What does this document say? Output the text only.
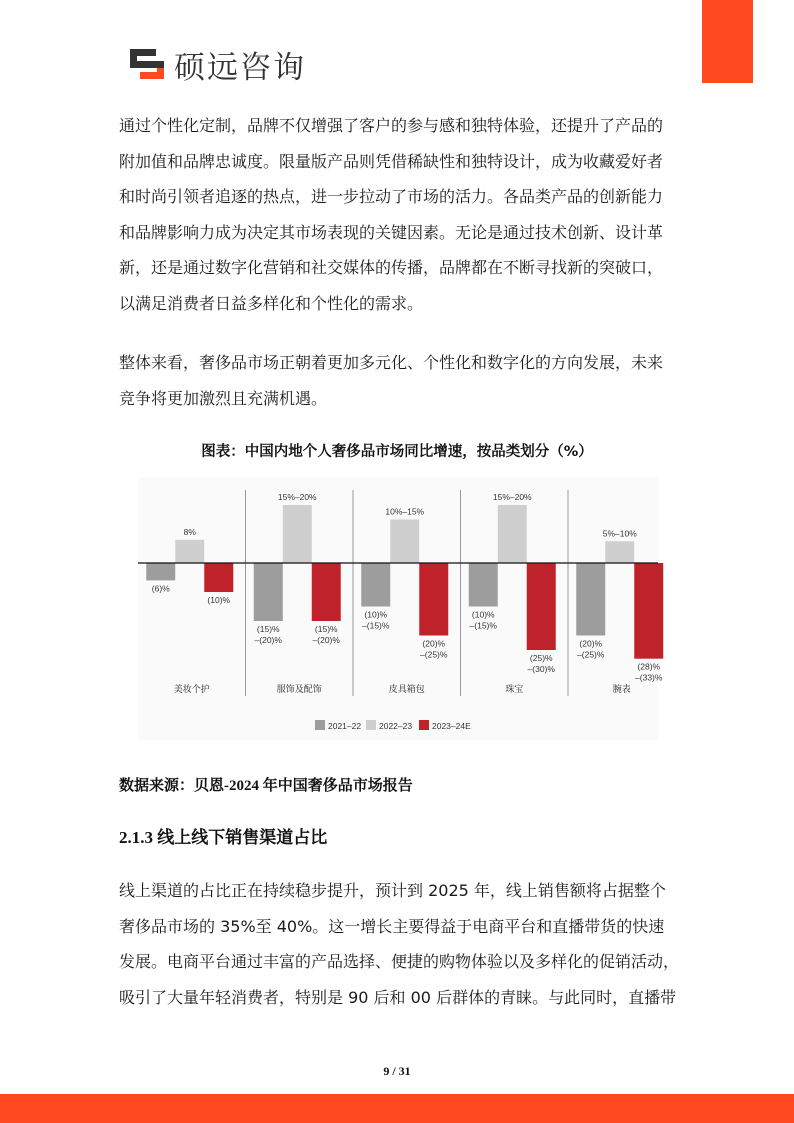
硕远咨询

通过个性化定制，品牌不仅增强了客户的参与感和独特体验，还提升了产品的

附加值和品牌忠诚度。限量版产品则凭借稀缺性和独特设计，成为收藏爱好者

和时尚引领者追逐的热点，进一步拉动了市场的活力。各品类产品的创新能力

和品牌影响力成为决定其市场表现的关键因素。无论是通过技术创新、设计革

新，还是通过数字化营销和社交媒体的传播，品牌都在不断寻找新的突破口，

以满足消费者日益多样化和个性化的需求。

整体来看，奢侈品市场正朝着更加多元化、个性化和数字化的方向发展，未来

竞争将更加激烈且充满机遇。

图表：中国内地个人奢侈品市场同比增速，按品类划分（%）
(6)%
8%
(10)%
美妆个护
(15)%
–(20)%
15%–20%
(15)%
–(20)%
服饰及配饰
(10)%
–(15)%
10%–15%
(20)%
–(25)%
皮具箱包
(10)%
–(15)%
15%–20%
(25)%
–(30)%
珠宝
(20)%
–(25)%
5%–10%
(28)%
–(33)%
腕表
2021–22 2022–23 2023–24E
数据来源：贝恩-2024 年中国奢侈品市场报告
2.1.3 线上线下销售渠道占比

线上渠道的占比正在持续稳步提升，预计到 2025 年，线上销售额将占据整个

奢侈品市场的 35%至 40%。这一增长主要得益于电商平台和直播带货的快速

发展。电商平台通过丰富的产品选择、便捷的购物体验以及多样化的促销活动，

吸引了大量年轻消费者，特别是 90 后和 00 后群体的青睐。与此同时，直播带

9 / 31
